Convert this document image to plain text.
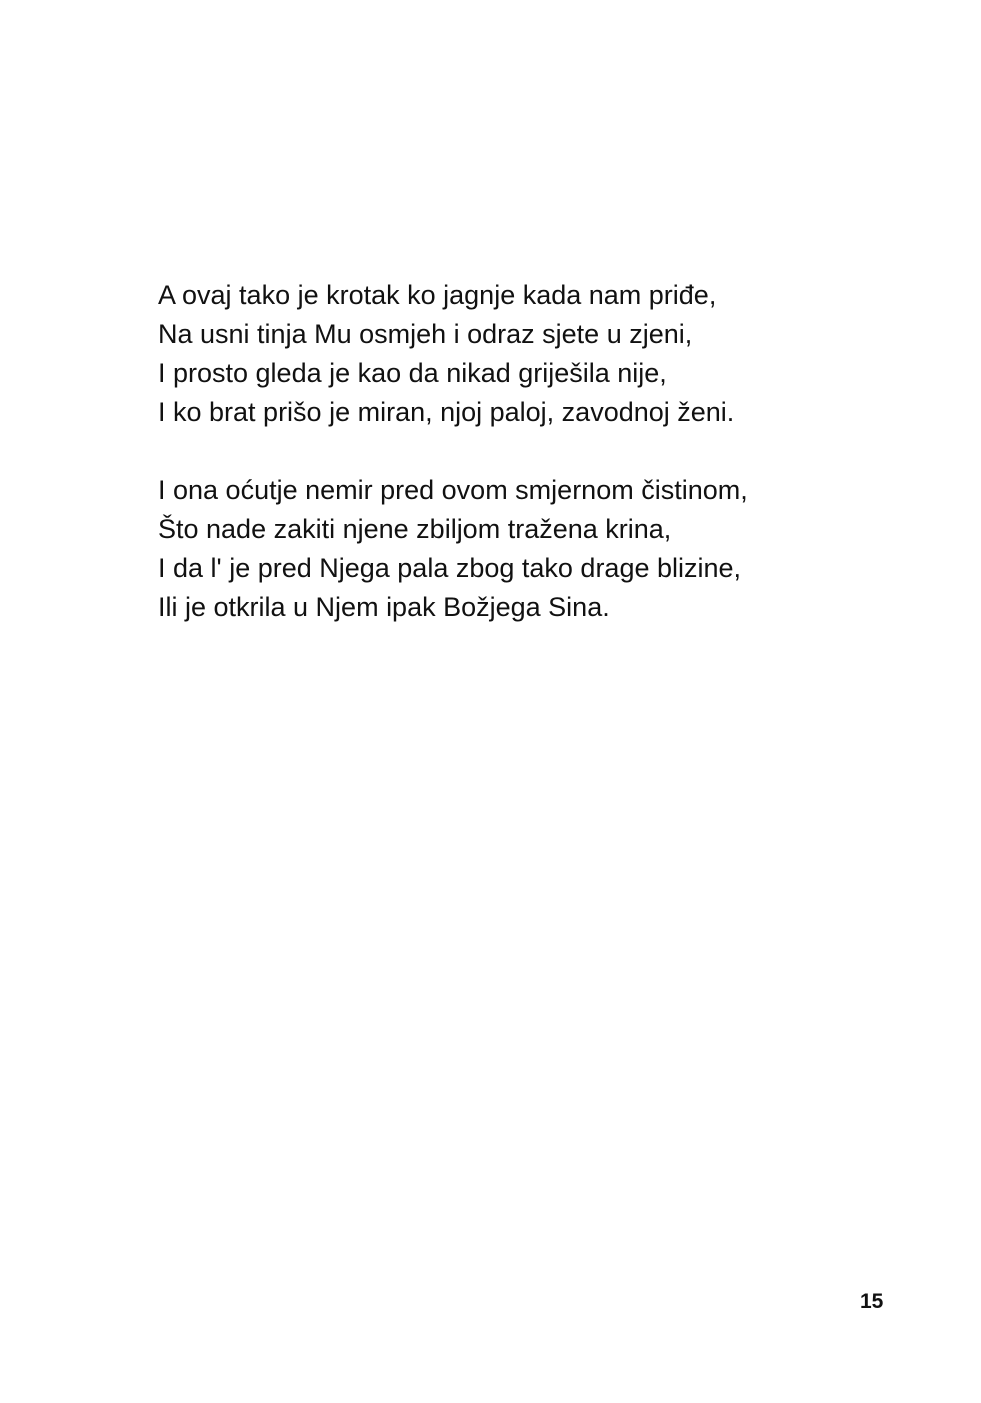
A ovaj tako je krotak ko jagnje kada nam priđe,
Na usni tinja Mu osmjeh i odraz sjete u zjeni,
I prosto gleda je kao da nikad griješila nije,
I ko brat prišo je miran, njoj paloj, zavodnoj ženi.

I ona oćutje nemir pred ovom smjernom čistinom,
Što nade zakiti njene zbiljom tražena krina,
I da l' je pred Njega pala zbog tako drage blizine,
Ili je otkrila u Njem ipak Božjega Sina.

15
